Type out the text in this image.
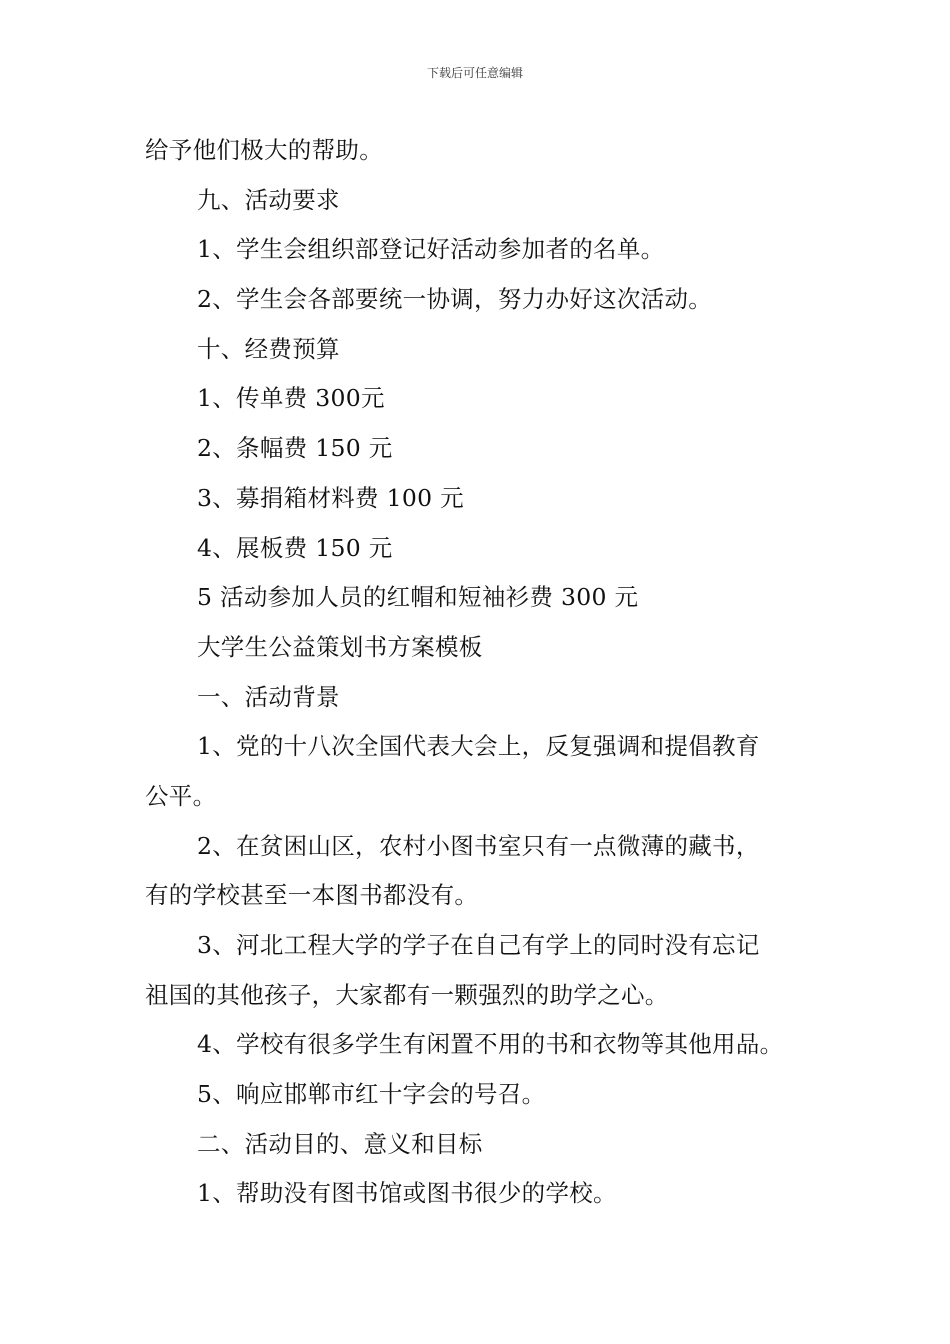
下载后可任意编辑
给予他们极大的帮助。
九、活动要求
1、学生会组织部登记好活动参加者的名单。
2、学生会各部要统一协调，努力办好这次活动。
十、经费预算
1、传单费 300元
2、条幅费 150 元
3、募捐箱材料费 100 元
4、展板费 150 元
5 活动参加人员的红帽和短袖衫费 300 元
大学生公益策划书方案模板
一、活动背景
1、党的十八次全国代表大会上，反复强调和提倡教育
公平。
2、在贫困山区，农村小图书室只有一点微薄的藏书，
有的学校甚至一本图书都没有。
3、河北工程大学的学子在自己有学上的同时没有忘记
祖国的其他孩子，大家都有一颗强烈的助学之心。
4、学校有很多学生有闲置不用的书和衣物等其他用品。
5、响应邯郸市红十字会的号召。
二、活动目的、意义和目标
1、帮助没有图书馆或图书很少的学校。
